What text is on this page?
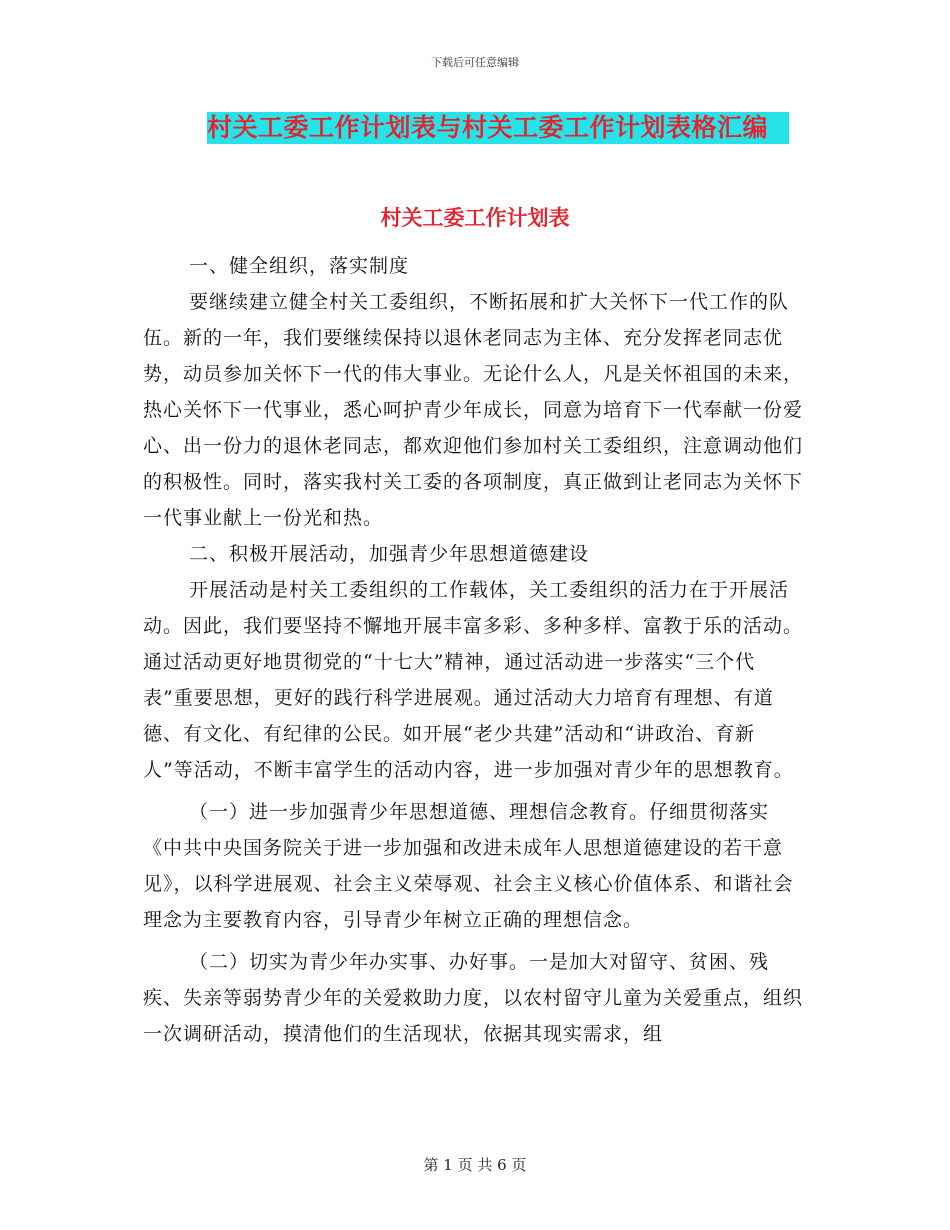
下载后可任意编辑
村关工委工作计划表与村关工委工作计划表格汇编
村关工委工作计划表

一、健全组织，落实制度

要继续建立健全村关工委组织，不断拓展和扩大关怀下一代工作的队伍。新的一年，我们要继续保持以退休老同志为主体、充分发挥老同志优势，动员参加关怀下一代的伟大事业。无论什么人，凡是关怀祖国的未来，热心关怀下一代事业，悉心呵护青少年成长，同意为培育下一代奉献一份爱心、出一份力的退休老同志，都欢迎他们参加村关工委组织，注意调动他们的积极性。同时，落实我村关工委的各项制度，真正做到让老同志为关怀下一代事业献上一份光和热。

二、积极开展活动，加强青少年思想道德建设

开展活动是村关工委组织的工作载体，关工委组织的活力在于开展活动。因此，我们要坚持不懈地开展丰富多彩、多种多样、富教于乐的活动。通过活动更好地贯彻党的“十七大”精神，通过活动进一步落实“三个代表”重要思想，更好的践行科学进展观。通过活动大力培育有理想、有道德、有文化、有纪律的公民。如开展“老少共建”活动和“讲政治、育新人”等活动，不断丰富学生的活动内容，进一步加强对青少年的思想教育。

（一）进一步加强青少年思想道德、理想信念教育。仔细贯彻落实《中共中央国务院关于进一步加强和改进未成年人思想道德建设的若干意见》，以科学进展观、社会主义荣辱观、社会主义核心价值体系、和谐社会理念为主要教育内容，引导青少年树立正确的理想信念。

（二）切实为青少年办实事、办好事。一是加大对留守、贫困、残疾、失亲等弱势青少年的关爱救助力度，以农村留守儿童为关爱重点，组织一次调研活动，摸清他们的生活现状，依据其现实需求，组

第 1 页 共 6 页
